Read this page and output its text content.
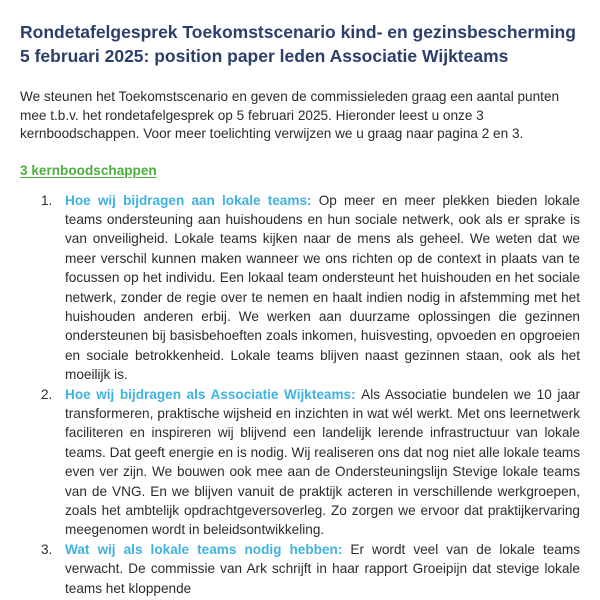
Rondetafelgesprek Toekomstscenario kind- en gezinsbescherming 5 februari 2025: position paper leden Associatie Wijkteams

We steunen het Toekomstscenario en geven de commissieleden graag een aantal punten mee t.b.v. het rondetafelgesprek op 5 februari 2025. Hieronder leest u onze 3 kernboodschappen. Voor meer toelichting verwijzen we u graag naar pagina 2 en 3.

3 kernboodschappen
1. Hoe wij bijdragen aan lokale teams: Op meer en meer plekken bieden lokale teams ondersteuning aan huishoudens en hun sociale netwerk, ook als er sprake is van onveiligheid. Lokale teams kijken naar de mens als geheel. We weten dat we meer verschil kunnen maken wanneer we ons richten op de context in plaats van te focussen op het individu. Een lokaal team ondersteunt het huishouden en het sociale netwerk, zonder de regie over te nemen en haalt indien nodig in afstemming met het huishouden anderen erbij. We werken aan duurzame oplossingen die gezinnen ondersteunen bij basisbehoeften zoals inkomen, huisvesting, opvoeden en opgroeien en sociale betrokkenheid. Lokale teams blijven naast gezinnen staan, ook als het moeilijk is.
2. Hoe wij bijdragen als Associatie Wijkteams: Als Associatie bundelen we 10 jaar transformeren, praktische wijsheid en inzichten in wat wél werkt. Met ons leernetwerk faciliteren en inspireren wij blijvend een landelijk lerende infrastructuur van lokale teams. Dat geeft energie en is nodig. Wij realiseren ons dat nog niet alle lokale teams even ver zijn. We bouwen ook mee aan de Ondersteuningslijn Stevige lokale teams van de VNG. En we blijven vanuit de praktijk acteren in verschillende werkgroepen, zoals het ambtelijk opdrachtgeversoverleg. Zo zorgen we ervoor dat praktijkervaring meegenomen wordt in beleidsontwikkeling.
3. Wat wij als lokale teams nodig hebben: Er wordt veel van de lokale teams verwacht. De commissie van Ark schrijft in haar rapport Groeipijn dat stevige lokale teams het kloppende
